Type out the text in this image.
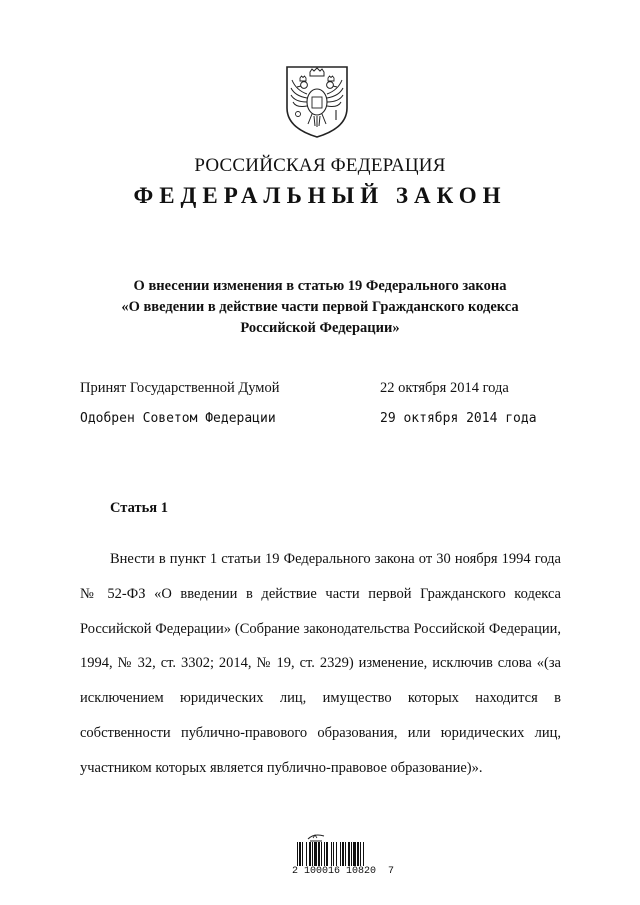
РОССИЙСКАЯ ФЕДЕРАЦИЯ
ФЕДЕРАЛЬНЫЙ ЗАКОН
О внесении изменения в статью 19 Федерального закона
«О введении в действие части первой Гражданского кодекса
Российской Федерации»
Принят Государственной Думой	22 октября 2014 года
Одобрен Советом Федерации	29 октября 2014 года
Статья 1

Внести в пункт 1 статьи 19 Федерального закона от 30 ноября 1994 года № 52-ФЗ «О введении в действие части первой Гражданского кодекса Российской Федерации» (Собрание законодательства Российской Федерации, 1994, № 32, ст. 3302; 2014, № 19, ст. 2329) изменение, исключив слова «(за исключением юридических лиц, имущество которых находится в собственности публично-правового образования, или юридических лиц, участником которых является публично-правовое образование)».

2 100016 10820  7
